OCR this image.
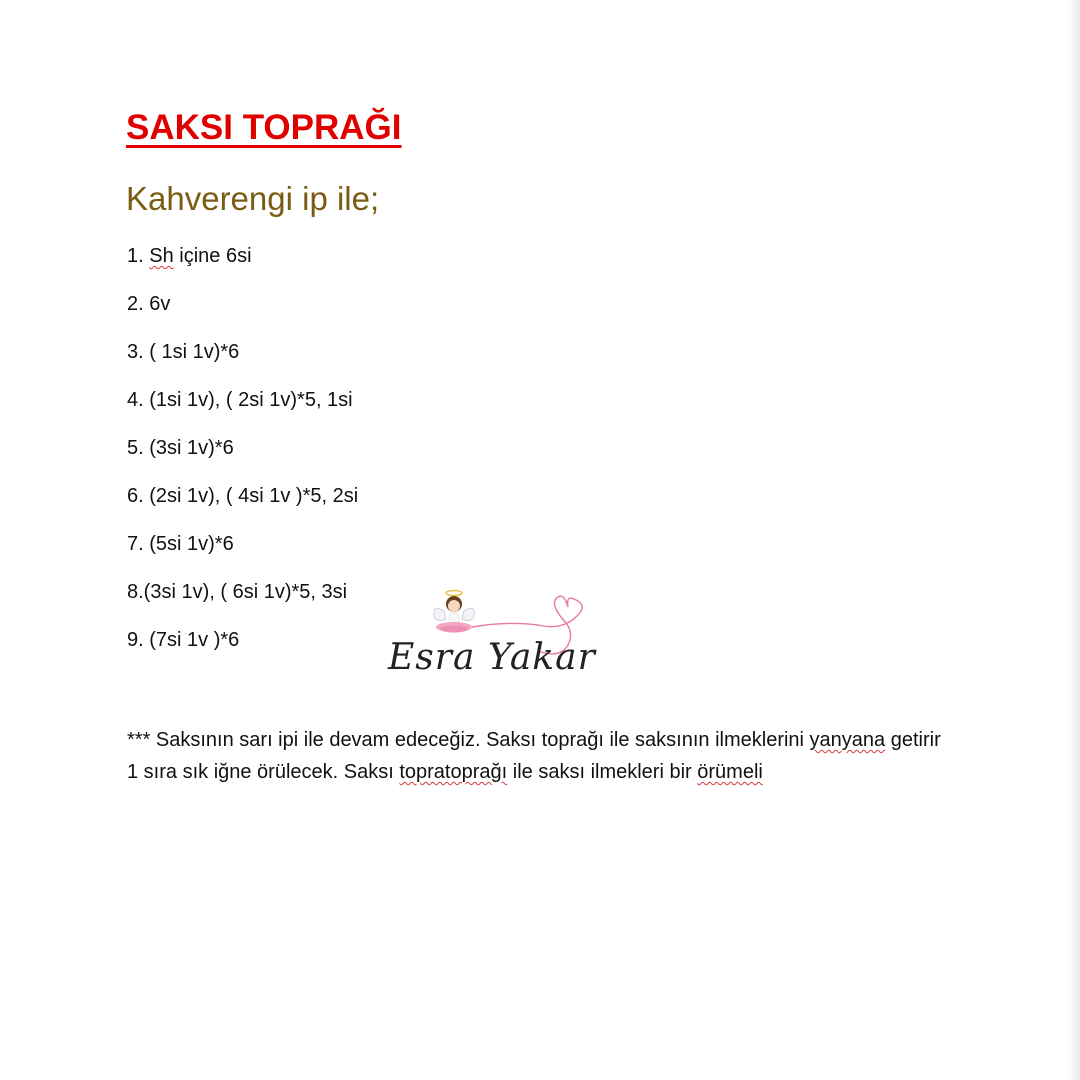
SAKSI TOPRAĞI
Kahverengi ip ile;
1. Sh içine 6si
2. 6v
3. ( 1si 1v)*6
4. (1si 1v), ( 2si 1v)*5, 1si
5. (3si 1v)*6
6. (2si 1v), ( 4si 1v )*5, 2si
7. (5si 1v)*6
8.(3si 1v), ( 6si 1v)*5, 3si
9. (7si 1v )*6	Esra Yakar
*** Saksının sarı ipi ile devam edeceğiz. Saksı toprağı ile saksının ilmeklerini yanyana getirir 1 sıra sık iğne örülecek. Saksı topratoprağı ile saksı ilmekleri bir örümeli
